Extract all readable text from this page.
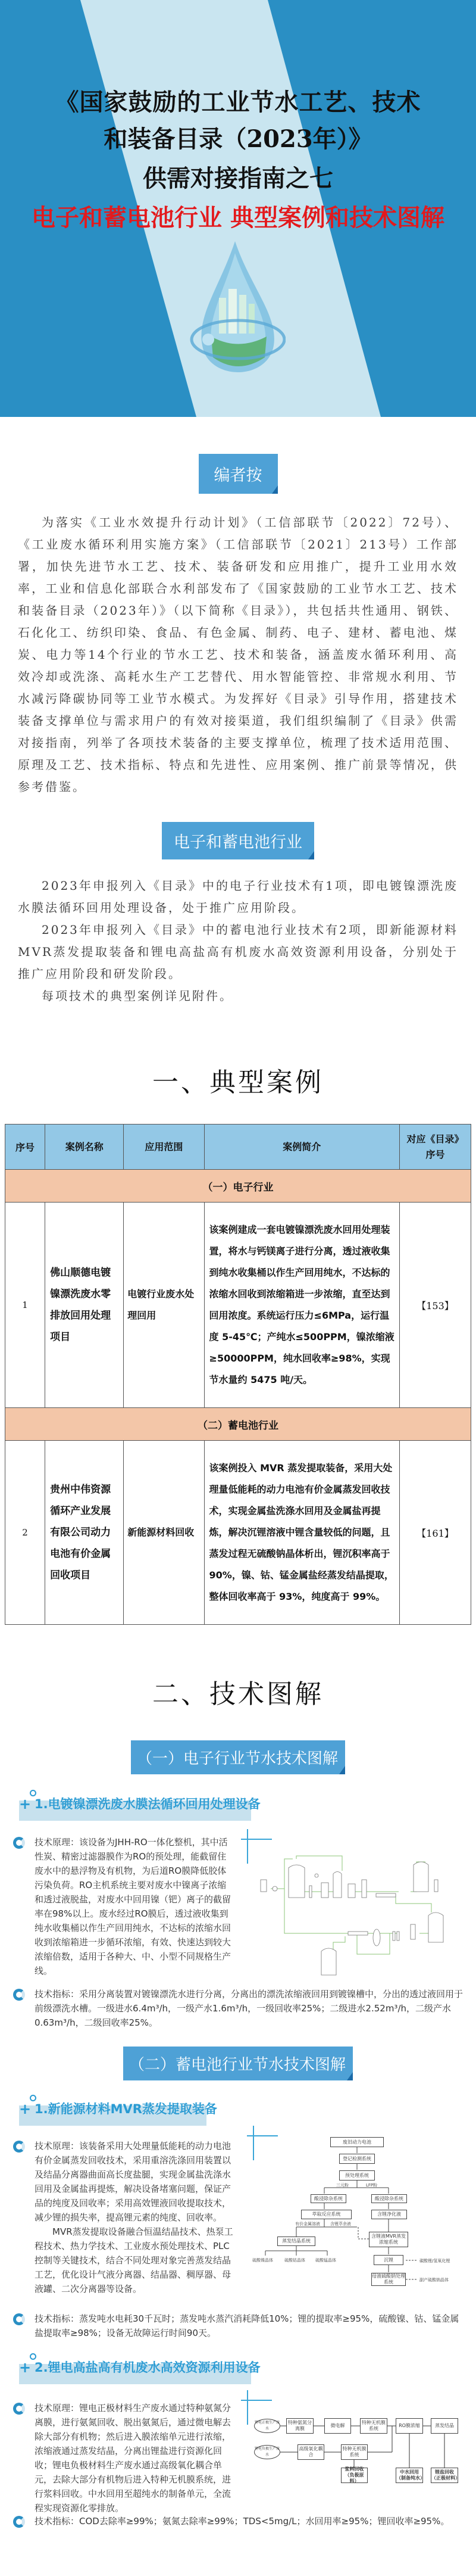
《国家鼓励的工业节水工艺、技术
和装备目录（2023年）》
供需对接指南之七
电子和蓄电池行业 典型案例和技术图解
编者按

为落实《工业水效提升行动计划》（工信部联节〔2022〕72号）、《工业废水循环利用实施方案》（工信部联节〔2021〕213号）工作部署，加快先进节水工艺、技术、装备研发和应用推广，提升工业用水效率，工业和信息化部联合水利部发布了《国家鼓励的工业节水工艺、技术和装备目录（2023年）》（以下简称《目录》），共包括共性通用、钢铁、石化化工、纺织印染、食品、有色金属、制药、电子、建材、蓄电池、煤炭、电力等14个行业的节水工艺、技术和装备，涵盖废水循环利用、高效冷却或洗涤、高耗水生产工艺替代、用水智能管控、非常规水利用、节水减污降碳协同等工业节水模式。为发挥好《目录》引导作用，搭建技术装备支撑单位与需求用户的有效对接渠道，我们组织编制了《目录》供需对接指南，列举了各项技术装备的主要支撑单位，梳理了技术适用范围、原理及工艺、技术指标、特点和先进性、应用案例、推广前景等情况，供参考借鉴。

电子和蓄电池行业

2023年申报列入《目录》中的电子行业技术有1项，即电镀镍漂洗废水膜法循环回用处理设备，处于推广应用阶段。

2023年申报列入《目录》中的蓄电池行业技术有2项，即新能源材料MVR蒸发提取装备和锂电高盐高有机废水高效资源利用设备，分别处于推广应用阶段和研发阶段。

每项技术的典型案例详见附件。

一、典型案例
序号	案例名称	应用范围	案例简介	对应《目录》序号
（一）电子行业				
1	佛山顺德电镀镍漂洗废水零排放回用处理项目	电镀行业废水处理回用	该案例建成一套电镀镍漂洗废水回用处理装置，将水与钙镁离子进行分离，透过液收集到纯水收集桶以作生产回用纯水，不达标的浓缩水回收到浓缩箱进一步浓缩，直至达到回用浓度。系统运行压力≤6MPa，运行温度 5-45℃；产纯水≤500PPM，镍浓缩液≥50000PPM，纯水回收率≥98%，实现节水量约 5475 吨/天。	【153】
（二）蓄电池行业				
2	贵州中伟资源循环产业发展有限公司动力电池有价金属回收项目	新能源材料回收	该案例投入 MVR 蒸发提取装备，采用大处理量低能耗的动力电池有价金属蒸发回收技术，实现金属盐洗涤水回用及金属盐再提炼，解决沉锂溶液中锂含量较低的问题，且蒸发过程无硫酸钠晶体析出，锂沉积率高于90%，镍、钴、锰金属盐经蒸发结晶提取，整体回收率高于 93%，纯度高于 99%。	【161】
二、技术图解
（一）电子行业节水技术图解
+ 1.电镀镍漂洗废水膜法循环回用处理设备
技术原理：该设备为JHH-RO一体化整机，其中活性炭、精密过滤器膜作为RO的预处理，能截留住废水中的悬浮物及有机物，为后道RO膜降低胶体污染负荷。RO主机系统主要对废水中镍离子浓缩和透过液脱盐，对废水中回用镍（钯）离子的截留率在98%以上。废水经过RO膜后，透过液收集到纯水收集桶以作生产回用纯水，不达标的浓缩水回收到浓缩箱进一步循环浓缩，有效、快速达到较大浓缩倍数，适用于各种大、中、小型不同规格生产线。
技术指标：采用分离装置对镀镍漂洗水进行分离，分离出的漂洗浓缩液回用到镀镍槽中，分出的透过液回用于前级漂洗水槽。一级进水6.4m³/h，一级产水1.6m³/h，一级回收率25%；二级进水2.52m³/h，二级产水0.63m³/h，二级回收率25%。
（二）蓄电池行业节水技术图解
+ 1.新能源材料MVR蒸发提取装备
技术原理：该装备采用大处理量低能耗的动力电池有价金属蒸发回收技术，采用重溶洗涤回用装置以及结晶分离器曲面高长度盐腿，实现金属盐洗涤水回用及金属盐再提炼，解决设备堵塞问题，保证产品的纯度及回收率；采用高效锂液回收提取技术，减少锂的损失率，提高锂元素的纯度、回收率。
MVR蒸发提取设备融合恒温结晶技术、热泵工程技术、热力学技术、工业废水预处理技术、PLC控制等关键技术，结合不同处理对象完善蒸发结晶工艺，优化设计气液分离器、结晶器、稠厚器、母液罐、二次分离器等设备。
废旧动力电池
登记检测系统
预处理系统
三元粉	LFP粉
酸浸除杂系统	酸浸除杂系统
萃取反应系统	含锂净化液
有价金属溶液 含锂萃余液
蒸发结晶系统
含锂液MVR蒸发浓缩系统
硫酸镍晶体	硫酸钴晶体 硫酸锰晶体	沉锂	碳酸锂/氢氧化锂
母液硫酸钠处理系统	副产硫酸钠晶体
技术指标：蒸发吨水电耗30千瓦时；蒸发吨水蒸汽消耗降低10%；锂的提取率≥95%，硫酸镍、钴、锰金属盐提取率≥98%；设备无故障运行时间90天。
+ 2.锂电高盐高有机废水高效资源利用设备
技术原理：锂电正极材料生产废水通过特种氨氮分离膜，进行氨氮回收、脱出氨氮后，通过微电解去除大部分有机物；然后进入膜浓缩单元进行浓缩，浓缩液通过蒸发结晶，分离出锂盐进行资源化回收；锂电负极材料生产废水通过高级氧化耦合单元，去除大部分有机物后进入特种无机膜系统，进行浆料回收。中水回用至超纯水的制备单元，全流程实现资源化零排放。
锂电正极生产废水
特种氨氮分离膜
微电解
特种无机膜系统
RO膜浓缩	蒸发结晶
锂电负极生产废水
高级氧化耦合
特种无机膜系统
浆料回收（负极原料）
中水回用（制备纯水）
锂盐回收（正极材料）
技术指标：COD去除率≥99%；氨氮去除率≥99%；TDS<5mg/L；水回用率≥95%；锂回收率≥95%。
